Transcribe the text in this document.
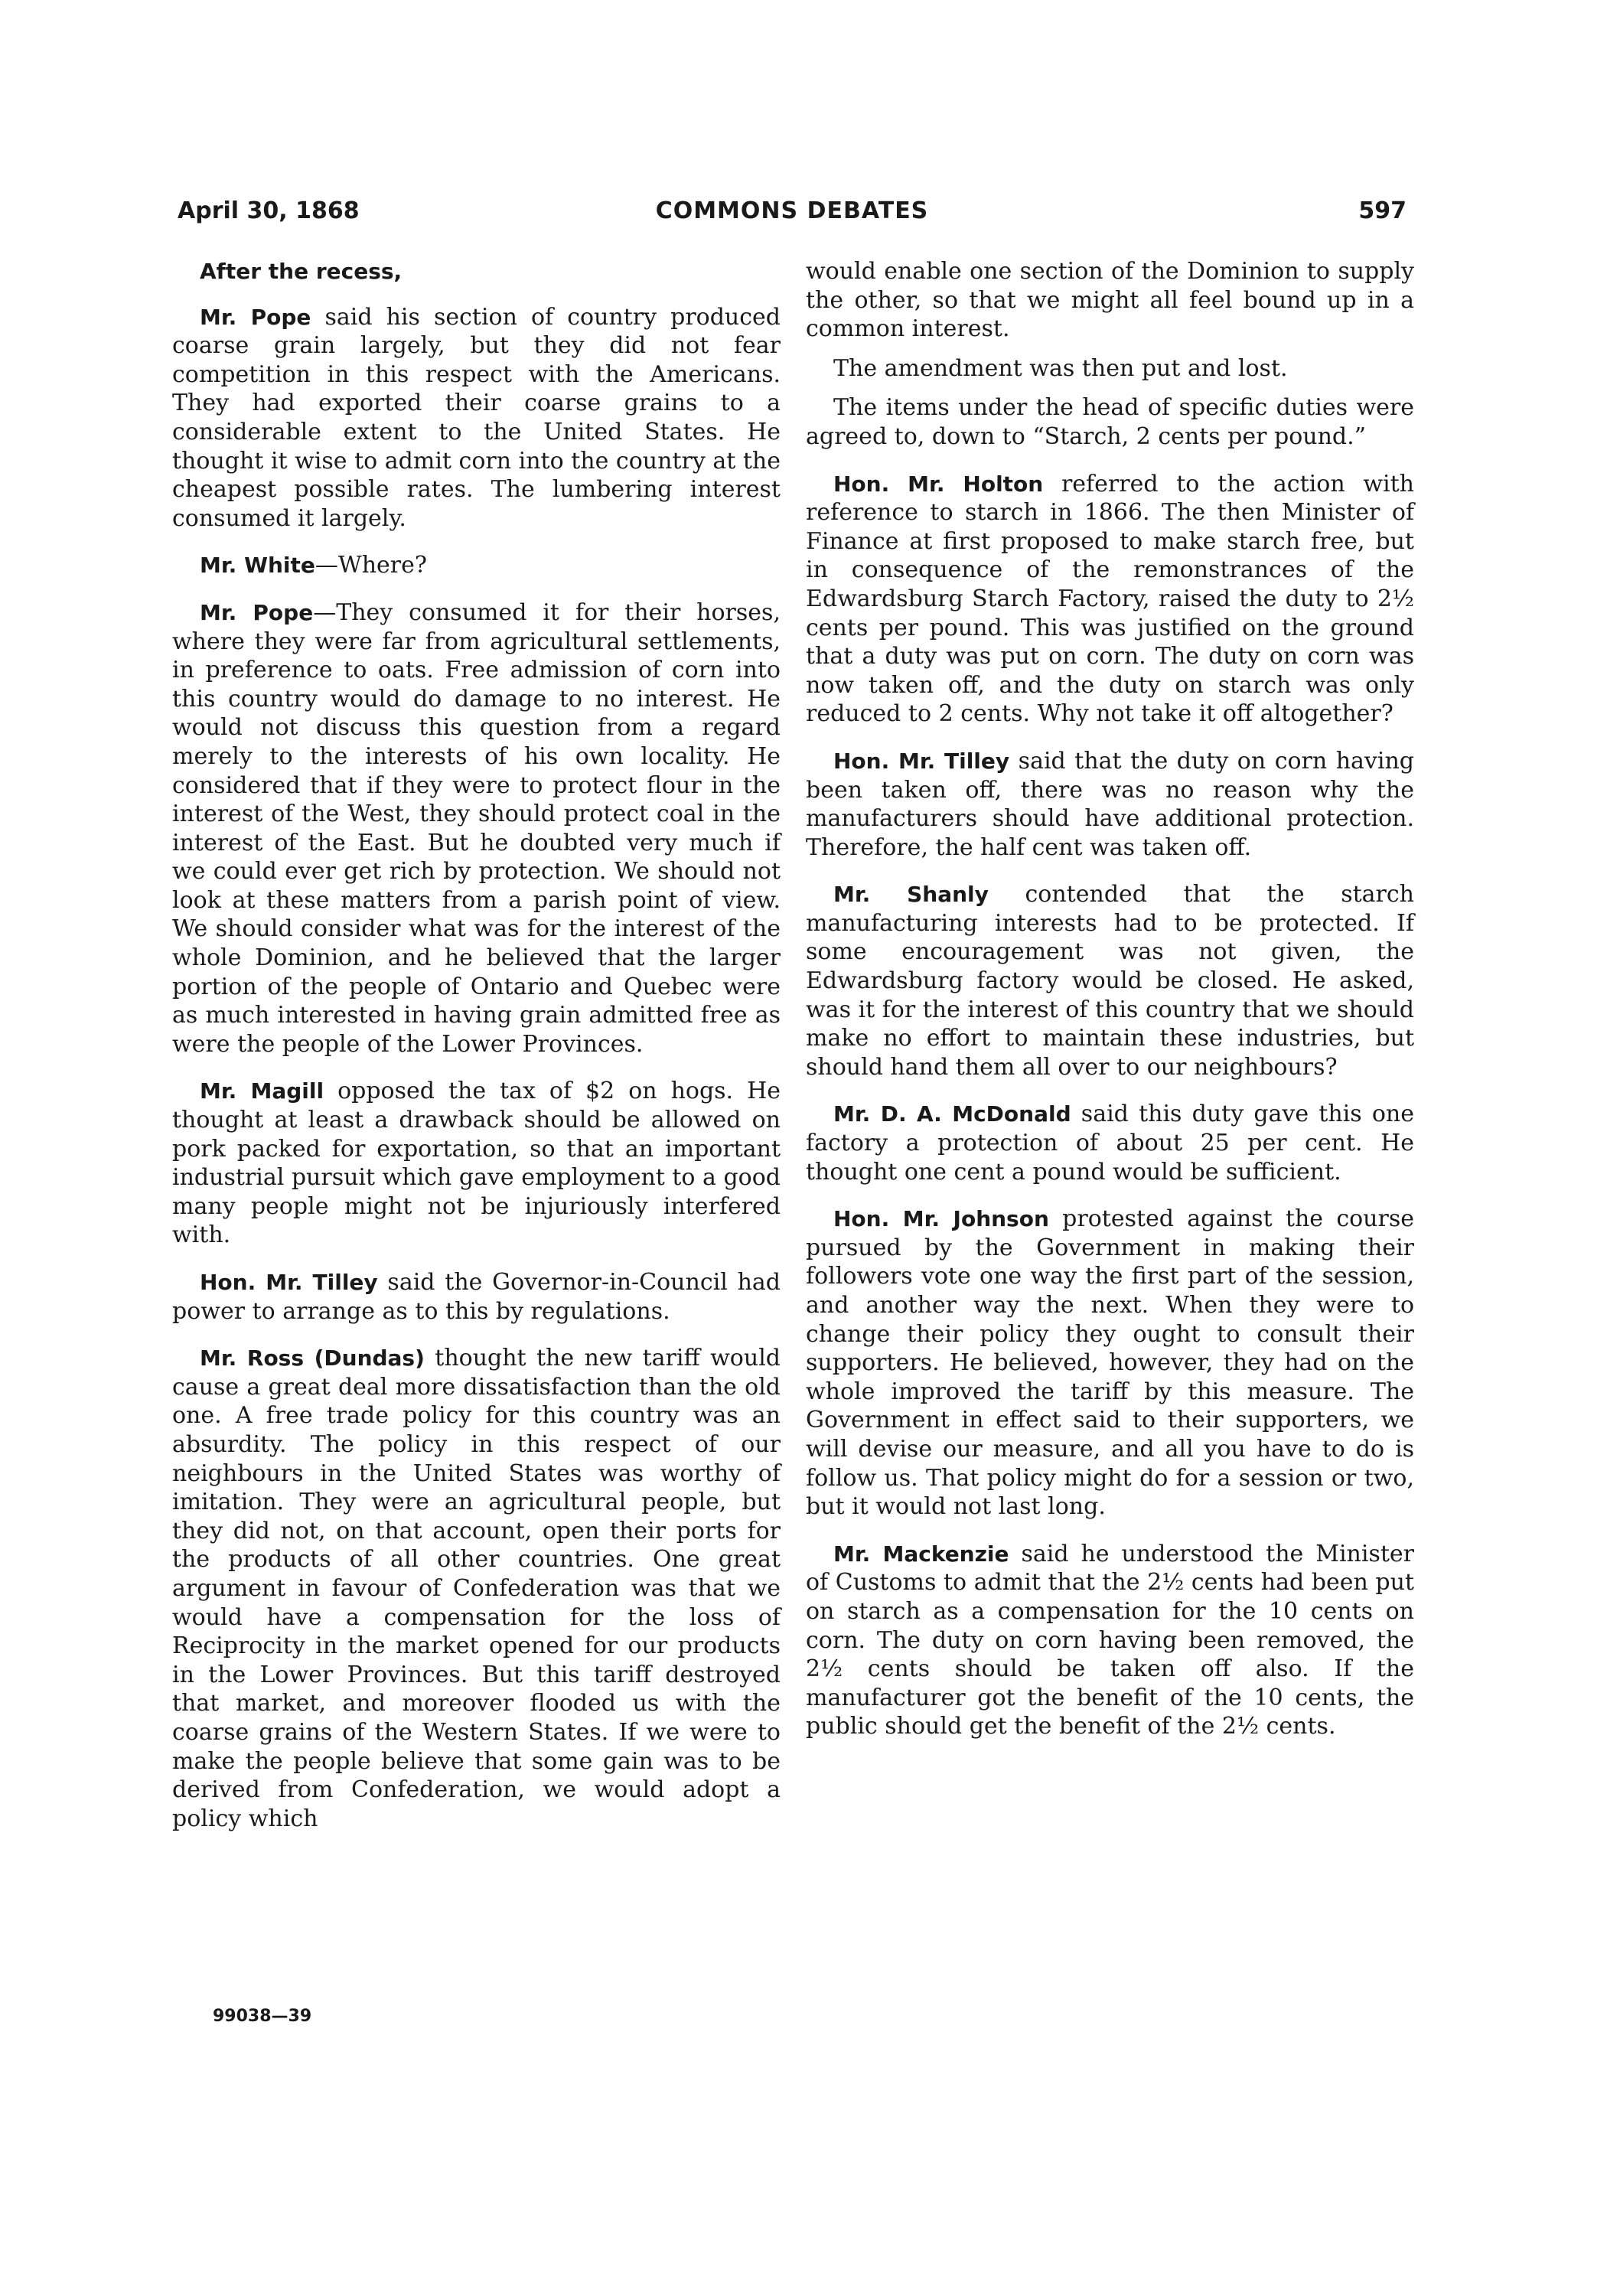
April 30, 1868	COMMONS DEBATES	597

After the recess,

Mr. Pope said his section of country produced coarse grain largely, but they did not fear competition in this respect with the Americans. They had exported their coarse grains to a considerable extent to the United States. He thought it wise to admit corn into the country at the cheapest possible rates. The lumbering interest consumed it largely.

Mr. White—Where?

Mr. Pope—They consumed it for their horses, where they were far from agricultural settlements, in preference to oats. Free admission of corn into this country would do damage to no interest. He would not discuss this question from a regard merely to the interests of his own locality. He considered that if they were to protect flour in the interest of the West, they should protect coal in the interest of the East. But he doubted very much if we could ever get rich by protection. We should not look at these matters from a parish point of view. We should consider what was for the interest of the whole Dominion, and he believed that the larger portion of the people of Ontario and Quebec were as much interested in having grain admitted free as were the people of the Lower Provinces.

Mr. Magill opposed the tax of $2 on hogs. He thought at least a drawback should be allowed on pork packed for exportation, so that an important industrial pursuit which gave employment to a good many people might not be injuriously interfered with.

Hon. Mr. Tilley said the Governor-in-Council had power to arrange as to this by regulations.

Mr. Ross (Dundas) thought the new tariff would cause a great deal more dissatisfaction than the old one. A free trade policy for this country was an absurdity. The policy in this respect of our neighbours in the United States was worthy of imitation. They were an agricultural people, but they did not, on that account, open their ports for the products of all other countries. One great argument in favour of Confederation was that we would have a compensation for the loss of Reciprocity in the market opened for our products in the Lower Provinces. But this tariff destroyed that market, and moreover flooded us with the coarse grains of the Western States. If we were to make the people believe that some gain was to be derived from Confederation, we would adopt a policy which

would enable one section of the Dominion to supply the other, so that we might all feel bound up in a common interest.

The amendment was then put and lost.

The items under the head of specific duties were agreed to, down to “Starch, 2 cents per pound.”

Hon. Mr. Holton referred to the action with reference to starch in 1866. The then Minister of Finance at first proposed to make starch free, but in consequence of the remonstrances of the Edwardsburg Starch Factory, raised the duty to 2½ cents per pound. This was justified on the ground that a duty was put on corn. The duty on corn was now taken off, and the duty on starch was only reduced to 2 cents. Why not take it off altogether?

Hon. Mr. Tilley said that the duty on corn having been taken off, there was no reason why the manufacturers should have additional protection. Therefore, the half cent was taken off.

Mr. Shanly contended that the starch manufacturing interests had to be protected. If some encouragement was not given, the Edwardsburg factory would be closed. He asked, was it for the interest of this country that we should make no effort to maintain these industries, but should hand them all over to our neighbours?

Mr. D. A. McDonald said this duty gave this one factory a protection of about 25 per cent. He thought one cent a pound would be sufficient.

Hon. Mr. Johnson protested against the course pursued by the Government in making their followers vote one way the first part of the session, and another way the next. When they were to change their policy they ought to consult their supporters. He believed, however, they had on the whole improved the tariff by this measure. The Government in effect said to their supporters, we will devise our measure, and all you have to do is follow us. That policy might do for a session or two, but it would not last long.

Mr. Mackenzie said he understood the Minister of Customs to admit that the 2½ cents had been put on starch as a compensation for the 10 cents on corn. The duty on corn having been removed, the 2½ cents should be taken off also. If the manufacturer got the benefit of the 10 cents, the public should get the benefit of the 2½ cents.

99038—39
